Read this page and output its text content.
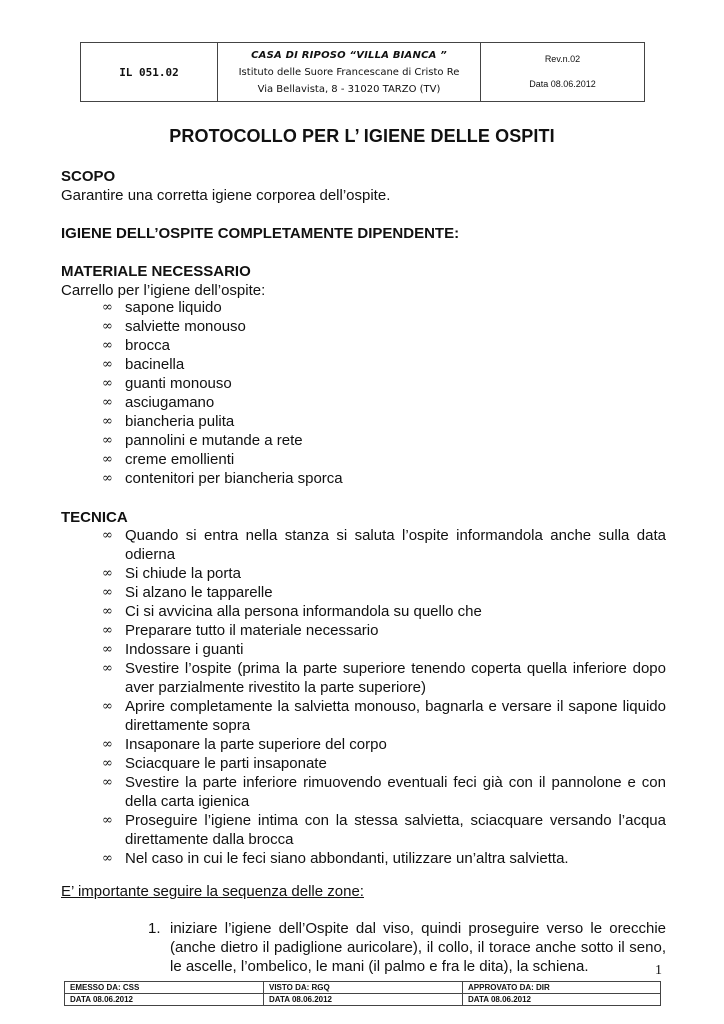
IL 051.02
CASA DI RIPOSO “VILLA BIANCA ”
Istituto delle Suore Francescane di Cristo Re
Via Bellavista, 8 - 31020 TARZO (TV)
Rev.n.02
Data 08.06.2012
PROTOCOLLO PER L’ IGIENE DELLE OSPITI
SCOPO
Garantire una corretta igiene corporea dell’ospite.
IGIENE DELL’OSPITE COMPLETAMENTE DIPENDENTE:
MATERIALE NECESSARIO
Carrello per l’igiene dell’ospite:
∞ sapone liquido
∞ salviette monouso
∞ brocca
∞ bacinella
∞ guanti monouso
∞ asciugamano
∞ biancheria pulita
∞ pannolini e mutande a rete
∞ creme emollienti
∞ contenitori per biancheria sporca
TECNICA
∞ Quando si entra nella stanza si saluta l’ospite informandola anche sulla data odierna
∞ Si chiude la porta
∞ Si alzano le tapparelle
∞ Ci si avvicina alla persona informandola su quello che
∞ Preparare tutto il materiale necessario
∞ Indossare i guanti
∞ Svestire l’ospite (prima la parte superiore tenendo coperta quella inferiore dopo aver parzialmente rivestito la parte superiore)
∞ Aprire completamente la salvietta monouso, bagnarla e versare il sapone liquido direttamente sopra
∞ Insaponare la parte superiore del corpo
∞ Sciacquare le parti insaponate
∞ Svestire la parte inferiore rimuovendo eventuali feci già con il pannolone e con della carta igienica
∞ Proseguire l’igiene intima con la stessa salvietta, sciacquare versando l’acqua direttamente dalla brocca
∞ Nel caso in cui le feci siano abbondanti, utilizzare un’altra salvietta.
E’ importante seguire la sequenza delle zone:
1. iniziare l’igiene dell’Ospite dal viso, quindi proseguire verso le orecchie (anche dietro il padiglione auricolare), il collo, il torace anche sotto il seno, le ascelle, l’ombelico, le mani (il palmo e fra le dita), la schiena.	1
EMESSO DA: CSS	VISTO DA: RGQ	APPROVATO DA: DIR
DATA 08.06.2012	DATA 08.06.2012	DATA 08.06.2012
